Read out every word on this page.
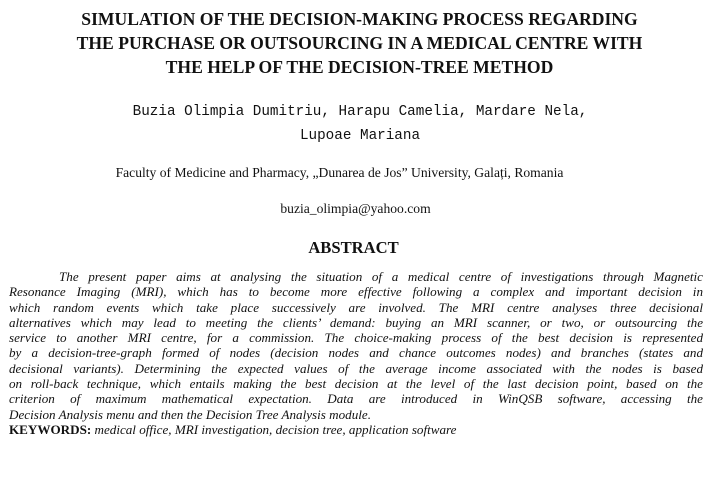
SIMULATION OF THE DECISION-MAKING PROCESS REGARDING
THE PURCHASE OR OUTSOURCING IN A MEDICAL CENTRE WITH
THE HELP OF THE DECISION-TREE METHOD
Buzia Olimpia Dumitriu, Harapu Camelia, Mardare Nela,
Lupoae Mariana

Faculty of Medicine and Pharmacy, „Dunarea de Jos” University, Galați, Romania

buzia_olimpia@yahoo.com

ABSTRACT
The present paper aims at analysing the situation of a medical centre of investigations through Magnetic
Resonance Imaging (MRI), which has to become more effective following a complex and important decision in
which random events which take place successively are involved. The MRI centre analyses three decisional
alternatives which may lead to meeting the clients’ demand: buying an MRI scanner, or two, or outsourcing the
service to another MRI centre, for a commission. The choice-making process of the best decision is represented
by a decision-tree-graph formed of nodes (decision nodes and chance outcomes nodes) and branches (states and
decisional variants). Determining the expected values of the average income associated with the nodes is based
on roll-back technique, which entails making the best decision at the level of the last decision point, based on the
criterion of maximum mathematical expectation. Data are introduced in WinQSB software, accessing the
Decision Analysis menu and then the Decision Tree Analysis module.
KEYWORDS: medical office, MRI investigation, decision tree, application software
